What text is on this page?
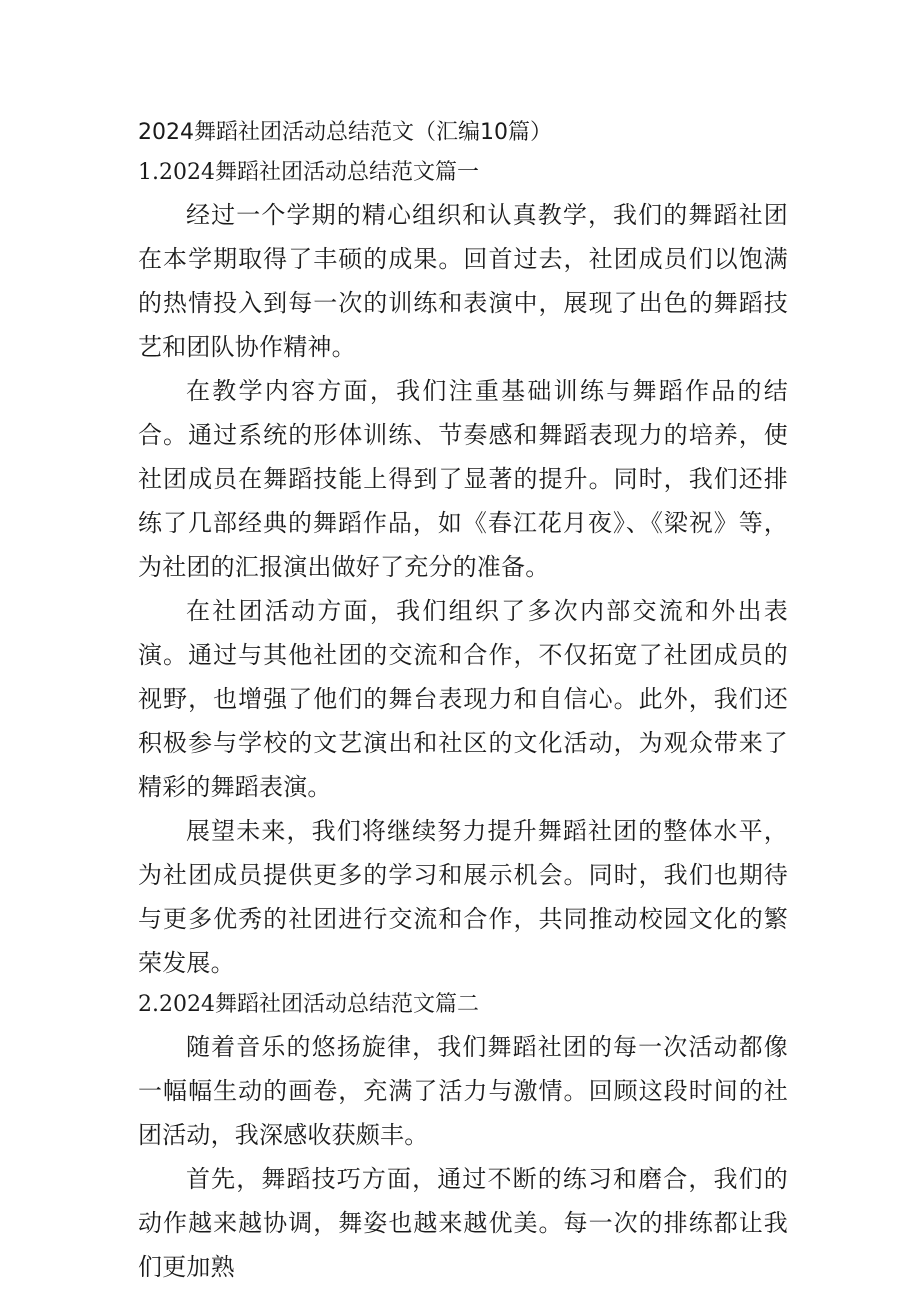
2024舞蹈社团活动总结范文（汇编10篇）
1.2024舞蹈社团活动总结范文篇一

经过一个学期的精心组织和认真教学，我们的舞蹈社团在本学期取得了丰硕的成果。回首过去，社团成员们以饱满的热情投入到每一次的训练和表演中，展现了出色的舞蹈技艺和团队协作精神。

在教学内容方面，我们注重基础训练与舞蹈作品的结合。通过系统的形体训练、节奏感和舞蹈表现力的培养，使社团成员在舞蹈技能上得到了显著的提升。同时，我们还排练了几部经典的舞蹈作品，如《春江花月夜》、《梁祝》等，为社团的汇报演出做好了充分的准备。

在社团活动方面，我们组织了多次内部交流和外出表演。通过与其他社团的交流和合作，不仅拓宽了社团成员的视野，也增强了他们的舞台表现力和自信心。此外，我们还积极参与学校的文艺演出和社区的文化活动，为观众带来了精彩的舞蹈表演。

展望未来，我们将继续努力提升舞蹈社团的整体水平，为社团成员提供更多的学习和展示机会。同时，我们也期待与更多优秀的社团进行交流和合作，共同推动校园文化的繁荣发展。

2.2024舞蹈社团活动总结范文篇二

随着音乐的悠扬旋律，我们舞蹈社团的每一次活动都像一幅幅生动的画卷，充满了活力与激情。回顾这段时间的社团活动，我深感收获颇丰。

首先，舞蹈技巧方面，通过不断的练习和磨合，我们的动作越来越协调，舞姿也越来越优美。每一次的排练都让我们更加熟
